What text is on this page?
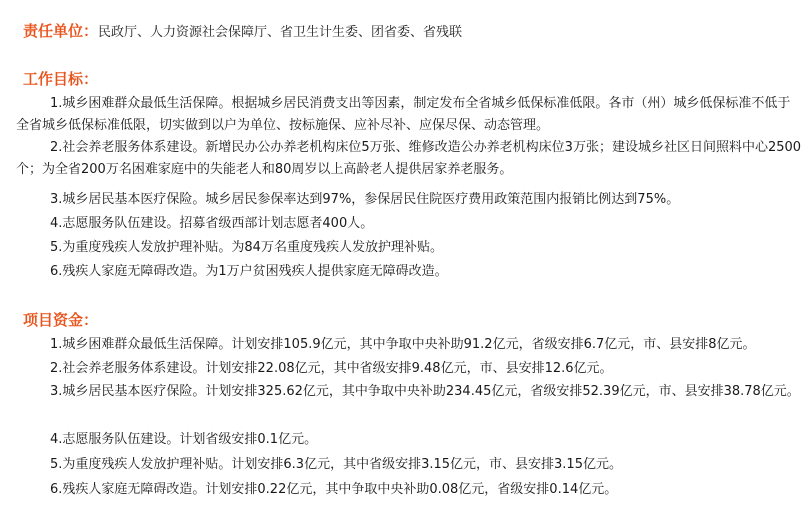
责任单位：民政厅、人力资源社会保障厅、省卫生计生委、团省委、省残联
工作目标：

1.城乡困难群众最低生活保障。根据城乡居民消费支出等因素，制定发布全省城乡低保标准低限。各市（州）城乡低保标准不低于全省城乡低保标准低限，切实做到以户为单位、按标施保、应补尽补、应保尽保、动态管理。

2.社会养老服务体系建设。新增民办公办养老机构床位5万张、维修改造公办养老机构床位3万张；建设城乡社区日间照料中心2500个；为全省200万名困难家庭中的失能老人和80周岁以上高龄老人提供居家养老服务。

3.城乡居民基本医疗保险。城乡居民参保率达到97%，参保居民住院医疗费用政策范围内报销比例达到75%。
4.志愿服务队伍建设。招募省级西部计划志愿者400人。
5.为重度残疾人发放护理补贴。为84万名重度残疾人发放护理补贴。
6.残疾人家庭无障碍改造。为1万户贫困残疾人提供家庭无障碍改造。
项目资金：
1.城乡困难群众最低生活保障。计划安排105.9亿元，其中争取中央补助91.2亿元，省级安排6.7亿元，市、县安排8亿元。
2.社会养老服务体系建设。计划安排22.08亿元，其中省级安排9.48亿元，市、县安排12.6亿元。

3.城乡居民基本医疗保险。计划安排325.62亿元，其中争取中央补助234.45亿元，省级安排52.39亿元，市、县安排38.78亿元。

4.志愿服务队伍建设。计划省级安排0.1亿元。
5.为重度残疾人发放护理补贴。计划安排6.3亿元，其中省级安排3.15亿元，市、县安排3.15亿元。
6.残疾人家庭无障碍改造。计划安排0.22亿元，其中争取中央补助0.08亿元，省级安排0.14亿元。
